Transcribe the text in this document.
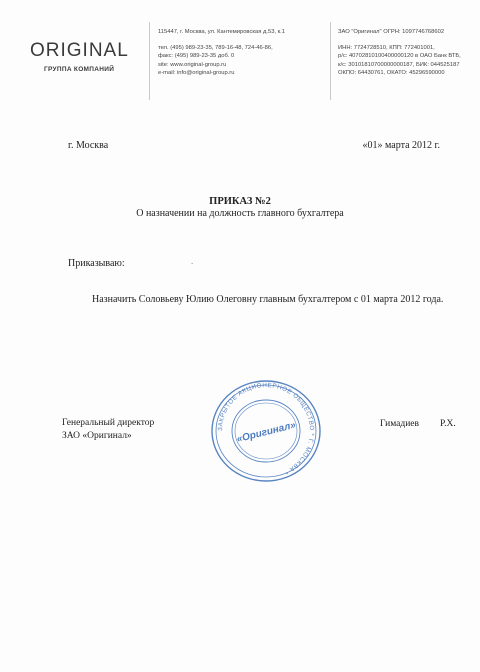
ORIGINAL
ГРУППА КОМПАНИЙ
115447, г. Москва, ул. Кантемировская д.53, к.1
тел. (495) 989-23-35, 789-16-48, 724-46-86,
факс: (495) 989-23-35 доб. 0
site: www.original-group.ru
e-mail: info@original-group.ru
ЗАО "Оригинал" ОГРН: 1097746768602
ИНН: 7724728510, КПП: 772401001,
р/с: 40702810100400000120 в ОАО Банк ВТБ,
к/с: 30101810700000000187, БИК: 044525187
ОКПО: 64430761, ОКАТО: 45296590000
г. Москва	«01» марта 2012 г.
ПРИКАЗ №2
О назначении на должность главного бухгалтера
Приказываю:	.
Назначить Соловьеву Юлию Олеговну главным бухгалтером с 01 марта 2012 года.
Генеральный директор
ЗАО «Оригинал»
Гимадиев Р.Х.
ЗАКРЫТОЕ АКЦИОНЕРНОЕ ОБЩЕСТВО * Г. МОСКВА *
«Оригинал»
